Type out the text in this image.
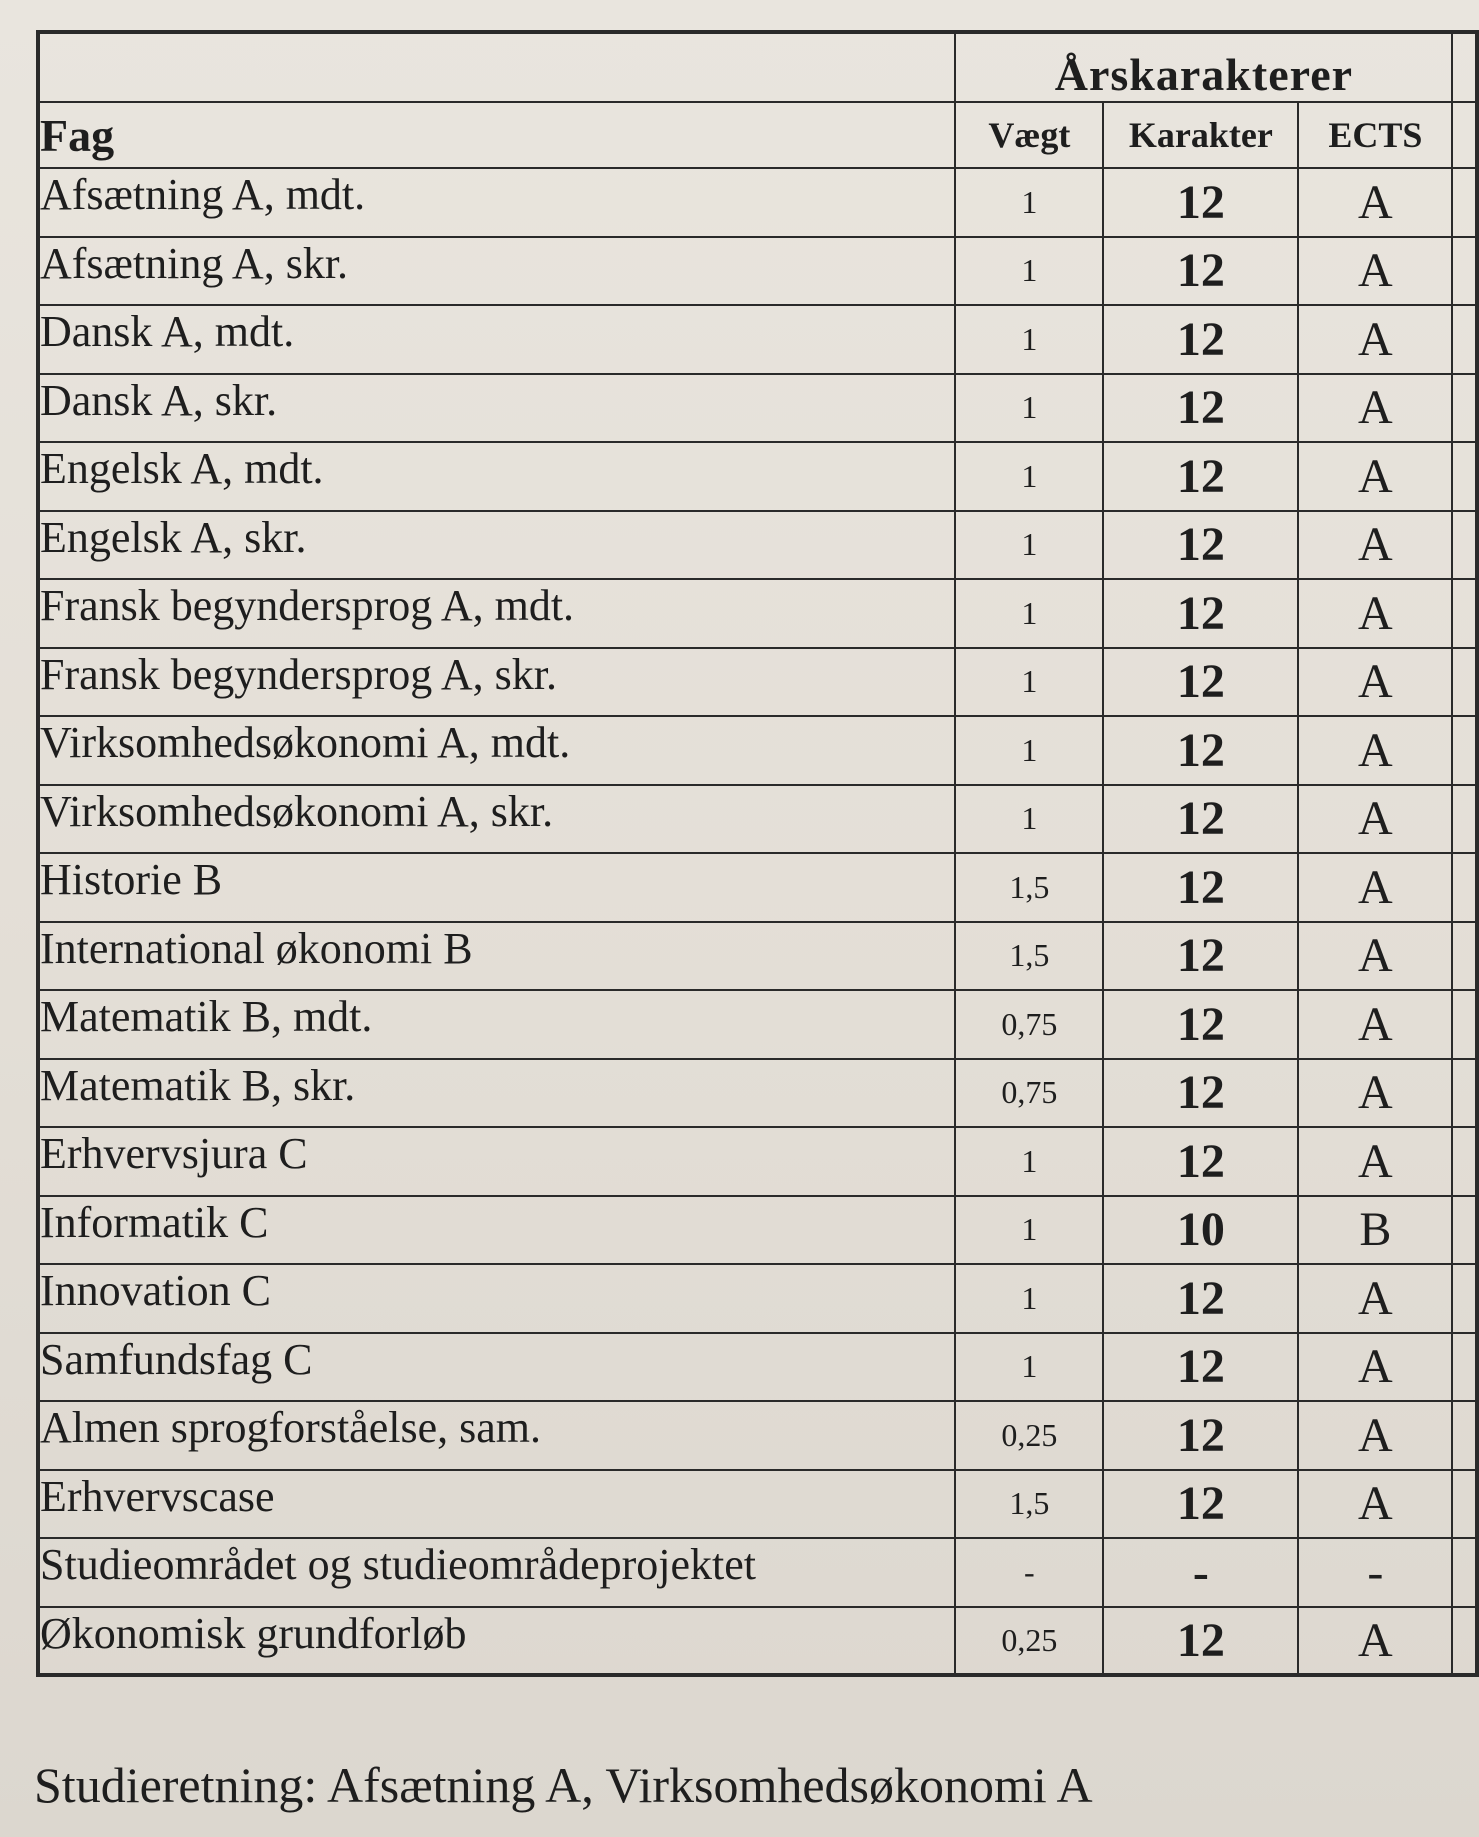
	Årskarakterer			
Fag	Vægt	Karakter	ECTS	
Afsætning A, mdt.	1	12	A	
Afsætning A, skr.	1	12	A	
Dansk A, mdt.	1	12	A	
Dansk A, skr.	1	12	A	
Engelsk A, mdt.	1	12	A	
Engelsk A, skr.	1	12	A	
Fransk begyndersprog A, mdt.	1	12	A	
Fransk begyndersprog A, skr.	1	12	A	
Virksomhedsøkonomi A, mdt.	1	12	A	
Virksomhedsøkonomi A, skr.	1	12	A	
Historie B	1,5	12	A	
International økonomi B	1,5	12	A	
Matematik B, mdt.	0,75	12	A	
Matematik B, skr.	0,75	12	A	
Erhvervsjura C	1	12	A	
Informatik C	1	10	B	
Innovation C	1	12	A	
Samfundsfag C	1	12	A	
Almen sprogforståelse, sam.	0,25	12	A	
Erhvervscase	1,5	12	A	
Studieområdet og studieområdeprojektet	-	-	-	
Økonomisk grundforløb	0,25	12	A	
Studieretning: Afsætning A, Virksomhedsøkonomi A
